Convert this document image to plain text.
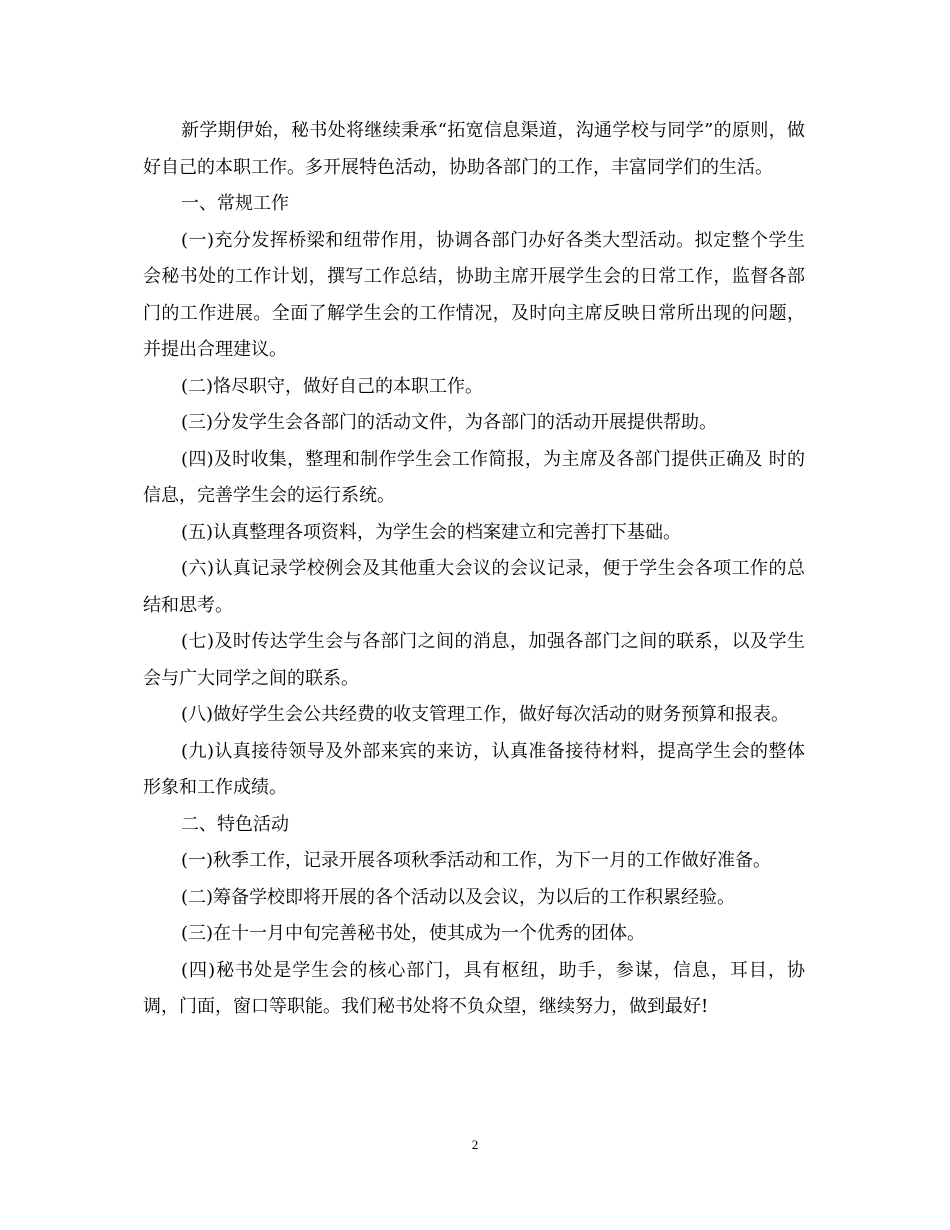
新学期伊始，秘书处将继续秉承“拓宽信息渠道，沟通学校与同学”的原则，做好自己的本职工作。多开展特色活动，协助各部门的工作，丰富同学们的生活。

一、常规工作

(一)充分发挥桥梁和纽带作用，协调各部门办好各类大型活动。拟定整个学生 会秘书处的工作计划，撰写工作总结，协助主席开展学生会的日常工作，监督各部门的工作进展。全面了解学生会的工作情况，及时向主席反映日常所出现的问题，并提出合理建议。

(二)恪尽职守，做好自己的本职工作。

(三)分发学生会各部门的活动文件，为各部门的活动开展提供帮助。

(四)及时收集，整理和制作学生会工作简报，为主席及各部门提供正确及 时的信息，完善学生会的运行系统。

(五)认真整理各项资料，为学生会的档案建立和完善打下基础。

(六)认真记录学校例会及其他重大会议的会议记录，便于学生会各项工作的总结和思考。

(七)及时传达学生会与各部门之间的消息，加强各部门之间的联系，以及学生会与广大同学之间的联系。

(八)做好学生会公共经费的收支管理工作，做好每次活动的财务预算和报表。

(九)认真接待领导及外部来宾的来访，认真准备接待材料，提高学生会的整体形象和工作成绩。

二、特色活动

(一)秋季工作，记录开展各项秋季活动和工作，为下一月的工作做好准备。

(二)筹备学校即将开展的各个活动以及会议，为以后的工作积累经验。

(三)在十一月中旬完善秘书处，使其成为一个优秀的团体。

(四)秘书处是学生会的核心部门，具有枢纽，助手，参谋，信息，耳目，协调，门面，窗口等职能。我们秘书处将不负众望，继续努力，做到最好!

2
